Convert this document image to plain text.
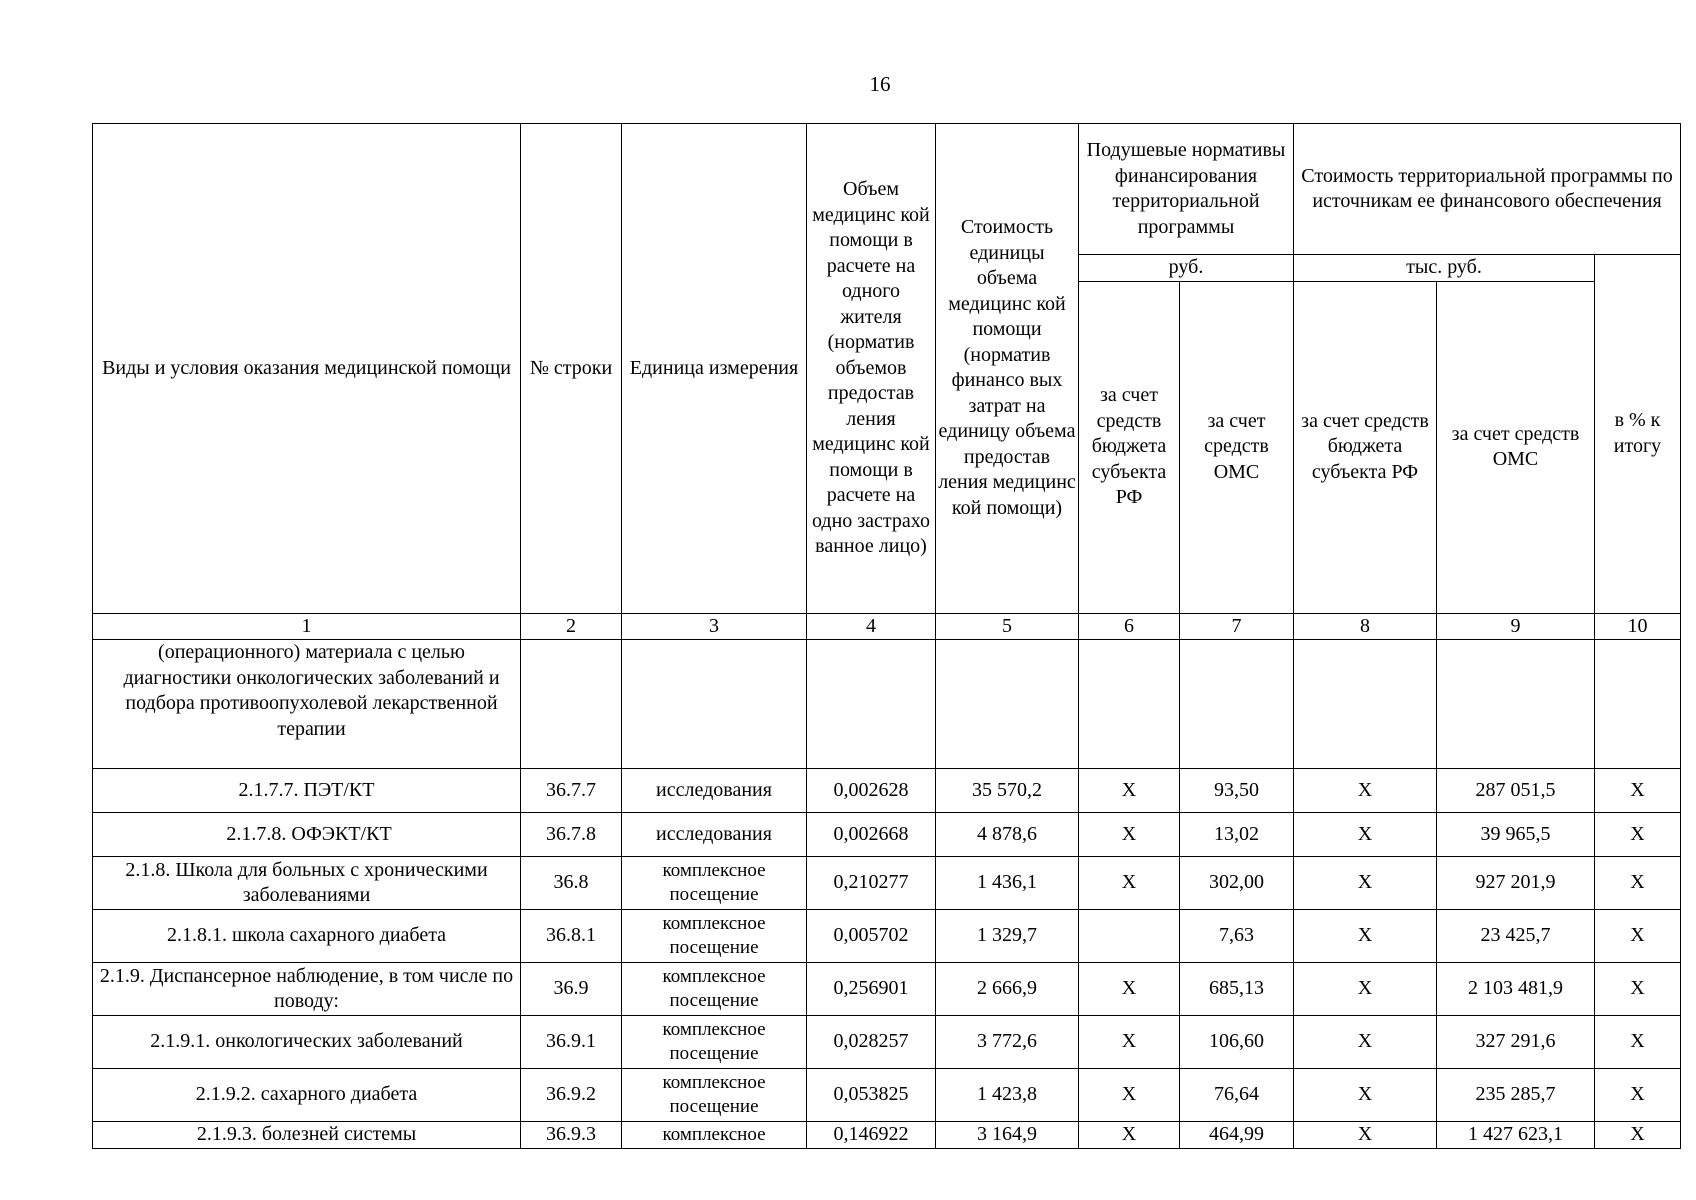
16
Виды и условия оказания медицинской помощи	№ строки	Единица измерения	Объем медицинс кой помощи в расчете на одного жителя (норматив объемов предостав ления медицинс кой помощи в расчете на одно застрахо ванное лицо)	Стоимость единицы объема медицинс кой помощи (норматив финансо вых затрат на единицу объема предостав ления медицинс кой помощи)	Подушевые нормативы финансирования территориальной программы		Стоимость территориальной программы по источникам ее финансового обеспечения		
					руб.		тыс. руб.		в % к итогу
					за счет средств бюджета субъекта РФ	за счет средств ОМС	за счет средств бюджета субъекта РФ	за счет средств ОМС	
1	2	3	4	5	6	7	8	9	10
(операционного) материала с целью диагностики онкологических заболеваний и подбора противоопухолевой лекарственной терапии									
2.1.7.7. ПЭТ/КТ	36.7.7	исследования	0,002628	35 570,2	Х	93,50	Х	287 051,5	Х
2.1.7.8. ОФЭКТ/КТ	36.7.8	исследования	0,002668	4 878,6	Х	13,02	Х	39 965,5	Х
2.1.8. Школа для больных с хроническими заболеваниями	36.8	комплексное посещение	0,210277	1 436,1	Х	302,00	Х	927 201,9	Х
2.1.8.1. школа сахарного диабета	36.8.1	комплексное посещение	0,005702	1 329,7		7,63	Х	23 425,7	Х
2.1.9. Диспансерное наблюдение, в том числе по поводу:	36.9	комплексное посещение	0,256901	2 666,9	Х	685,13	Х	2 103 481,9	Х
2.1.9.1. онкологических заболеваний	36.9.1	комплексное посещение	0,028257	3 772,6	Х	106,60	Х	327 291,6	Х
2.1.9.2. сахарного диабета	36.9.2	комплексное посещение	0,053825	1 423,8	Х	76,64	Х	235 285,7	Х
2.1.9.3. болезней системы	36.9.3	комплексное	0,146922	3 164,9	Х	464,99	Х	1 427 623,1	Х
